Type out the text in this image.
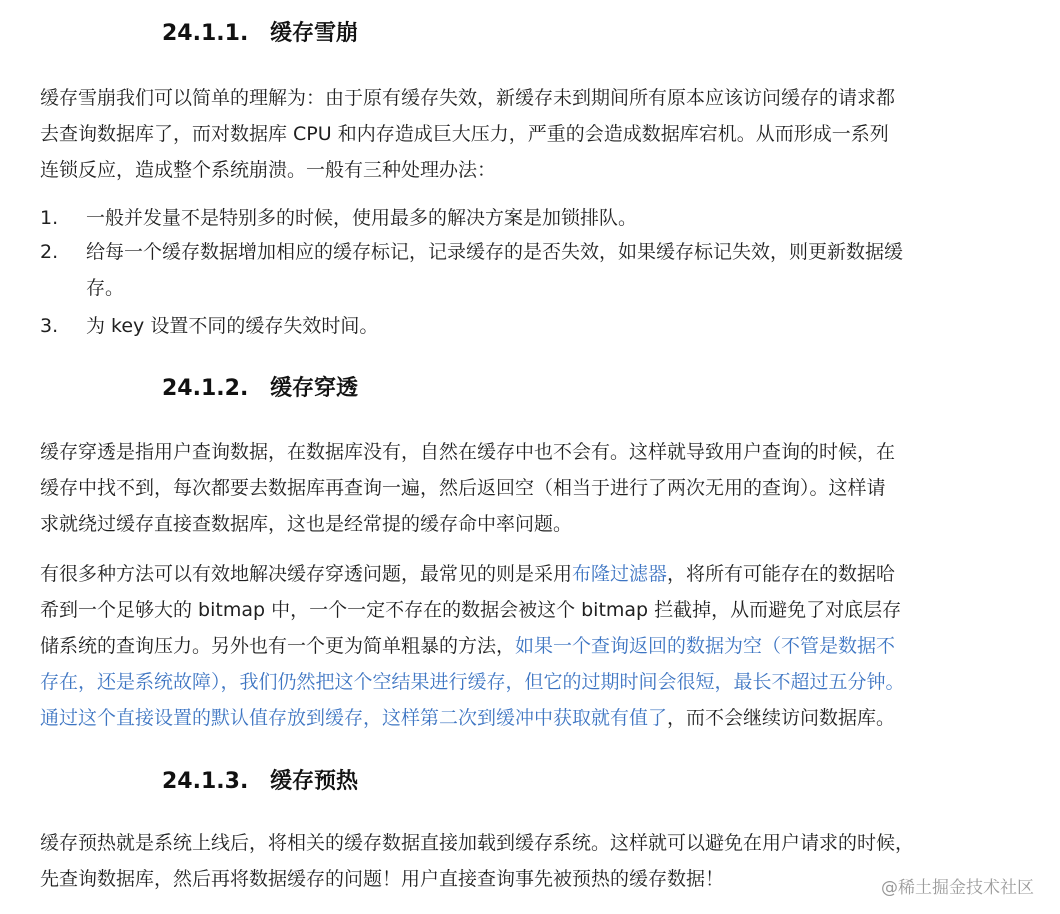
24.1.1. 缓存雪崩

缓存雪崩我们可以简单的理解为：由于原有缓存失效，新缓存未到期间所有原本应该访问缓存的请求都
去查询数据库了，而对数据库 CPU 和内存造成巨大压力，严重的会造成数据库宕机。从而形成一系列
连锁反应，造成整个系统崩溃。一般有三种处理办法：

1. 一般并发量不是特别多的时候，使用最多的解决方案是加锁排队。
2. 给每一个缓存数据增加相应的缓存标记，记录缓存的是否失效，如果缓存标记失效，则更新数据缓
存。
3. 为 key 设置不同的缓存失效时间。
24.1.2. 缓存穿透

缓存穿透是指用户查询数据，在数据库没有，自然在缓存中也不会有。这样就导致用户查询的时候，在
缓存中找不到，每次都要去数据库再查询一遍，然后返回空（相当于进行了两次无用的查询）。这样请
求就绕过缓存直接查数据库，这也是经常提的缓存命中率问题。

有很多种方法可以有效地解决缓存穿透问题，最常见的则是采用布隆过滤器，将所有可能存在的数据哈
希到一个足够大的 bitmap 中，一个一定不存在的数据会被这个 bitmap 拦截掉，从而避免了对底层存
储系统的查询压力。另外也有一个更为简单粗暴的方法，如果一个查询返回的数据为空（不管是数据不
存在，还是系统故障），我们仍然把这个空结果进行缓存，但它的过期时间会很短，最长不超过五分钟。
通过这个直接设置的默认值存放到缓存，这样第二次到缓冲中获取就有值了，而不会继续访问数据库。

24.1.3. 缓存预热

缓存预热就是系统上线后，将相关的缓存数据直接加载到缓存系统。这样就可以避免在用户请求的时候，
先查询数据库，然后再将数据缓存的问题！用户直接查询事先被预热的缓存数据！	@稀土掘金技术社区
